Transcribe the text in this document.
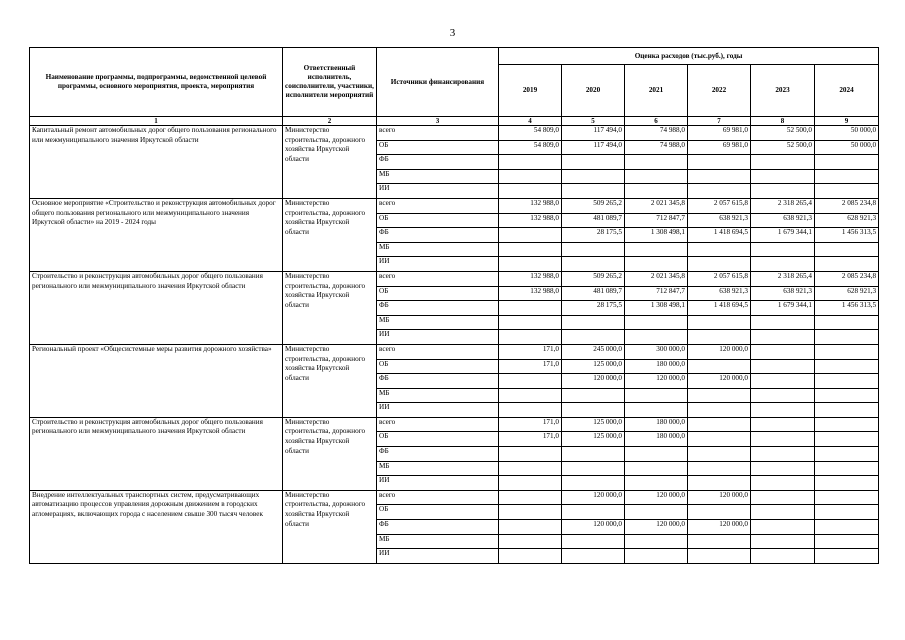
3
Наименование программы, подпрограммы, ведомственной целевой программы, основного мероприятия, проекта, мероприятия	Ответственный исполнитель, соисполнители, участники, исполнители мероприятий	Источники финансирования	Оценка расходов (тыс.руб.), годы					
			2019	2020	2021	2022	2023	2024
1	2	3	4	5	6	7	8	9
Капитальный ремонт автомобильных дорог общего пользования регионального или межмуниципального значения Иркутской области	Министерство строительства, дорожного хозяйства Иркутской области	всего	54 809,0	117 494,0	74 988,0	69 981,0	52 500,0	50 000,0
		ОБ	54 809,0	117 494,0	74 988,0	69 981,0	52 500,0	50 000,0
		ФБ						
		МБ						
		ИИ						
Основное мероприятие «Строительство и реконструкция автомобильных дорог общего пользования регионального или межмуниципального значения Иркутской области» на 2019 - 2024 годы	Министерство строительства, дорожного хозяйства Иркутской области	всего	132 988,0	509 265,2	2 021 345,8	2 057 615,8	2 318 265,4	2 085 234,8
		ОБ	132 988,0	481 089,7	712 847,7	638 921,3	638 921,3	628 921,3
		ФБ		28 175,5	1 308 498,1	1 418 694,5	1 679 344,1	1 456 313,5
		МБ						
		ИИ						
Строительство и реконструкция автомобильных дорог общего пользования регионального или межмуниципального значения Иркутской области	Министерство строительства, дорожного хозяйства Иркутской области	всего	132 988,0	509 265,2	2 021 345,8	2 057 615,8	2 318 265,4	2 085 234,8
		ОБ	132 988,0	481 089,7	712 847,7	638 921,3	638 921,3	628 921,3
		ФБ		28 175,5	1 308 498,1	1 418 694,5	1 679 344,1	1 456 313,5
		МБ						
		ИИ						
Региональный проект «Общесистемные меры развития дорожного хозяйства»	Министерство строительства, дорожного хозяйства Иркутской области	всего	171,0	245 000,0	300 000,0	120 000,0		
		ОБ	171,0	125 000,0	180 000,0			
		ФБ		120 000,0	120 000,0	120 000,0		
		МБ						
		ИИ						
Строительство и реконструкция автомобильных дорог общего пользования регионального или межмуниципального значения Иркутской области	Министерство строительства, дорожного хозяйства Иркутской области	всего	171,0	125 000,0	180 000,0			
		ОБ	171,0	125 000,0	180 000,0			
		ФБ						
		МБ						
		ИИ						
Внедрение интеллектуальных транспортных систем, предусматривающих автоматизацию процессов управления дорожным движением в городских агломерациях, включающих города с населением свыше 300 тысяч человек	Министерство строительства, дорожного хозяйства Иркутской области	всего		120 000,0	120 000,0	120 000,0		
		ОБ						
		ФБ		120 000,0	120 000,0	120 000,0		
		МБ						
		ИИ						
